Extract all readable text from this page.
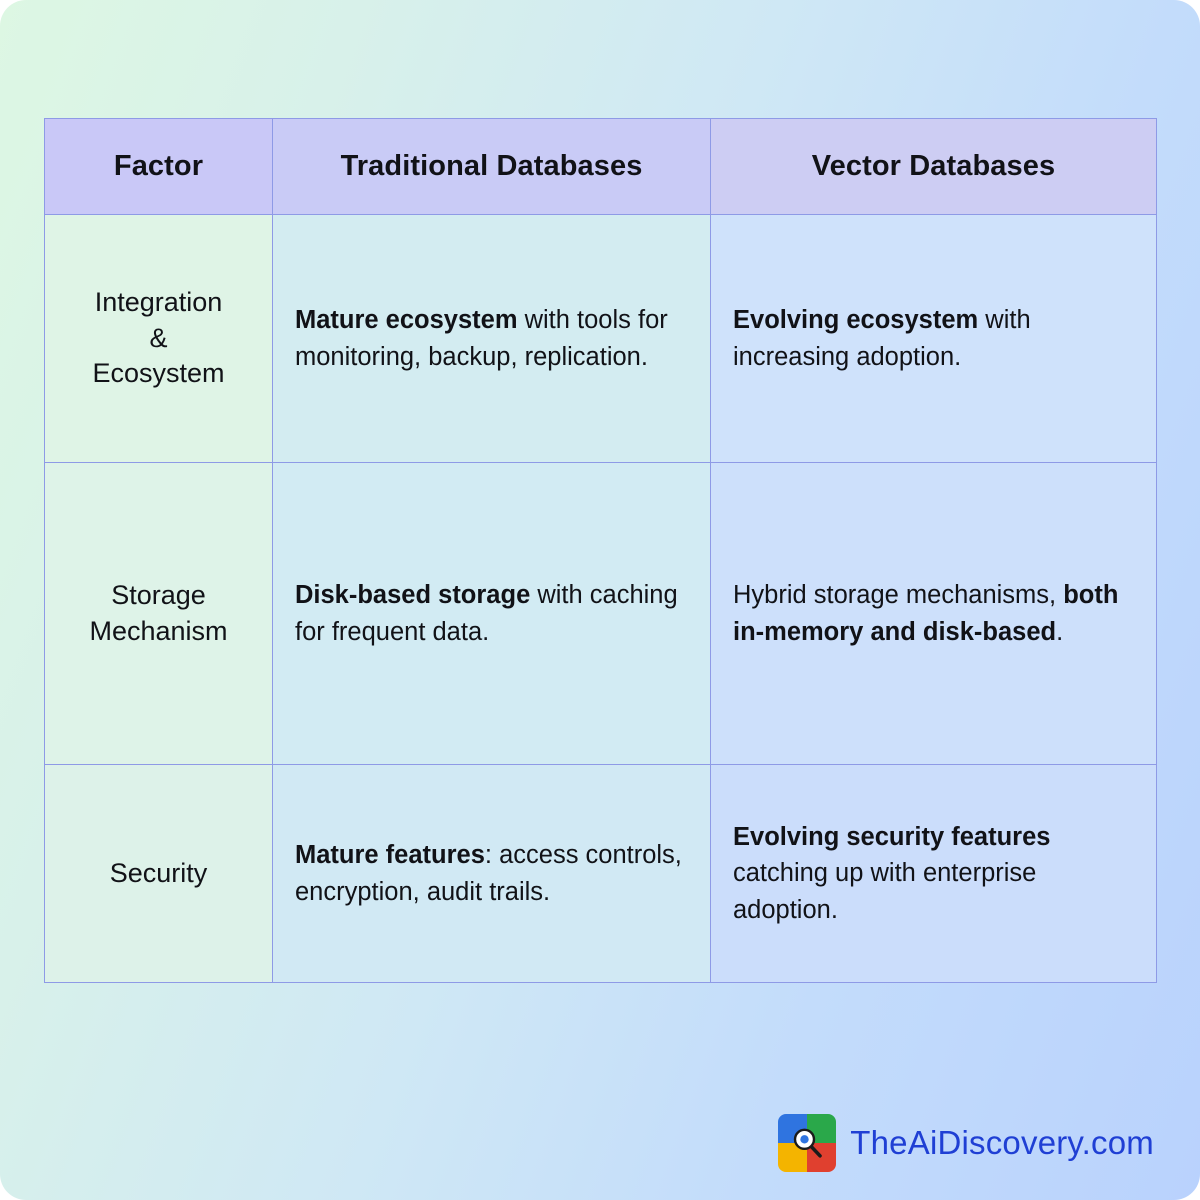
Factor	Traditional Databases	Vector Databases
Integration
&
Ecosystem	Mature ecosystem with tools for monitoring, backup, replication.	Evolving ecosystem with increasing adoption.
Storage
Mechanism	Disk-based storage with caching for frequent data.	Hybrid storage mechanisms, both in-memory and disk-based.
Security	Mature features: access controls, encryption, audit trails.	Evolving security features catching up with enterprise adoption.
TheAiDiscovery.com
